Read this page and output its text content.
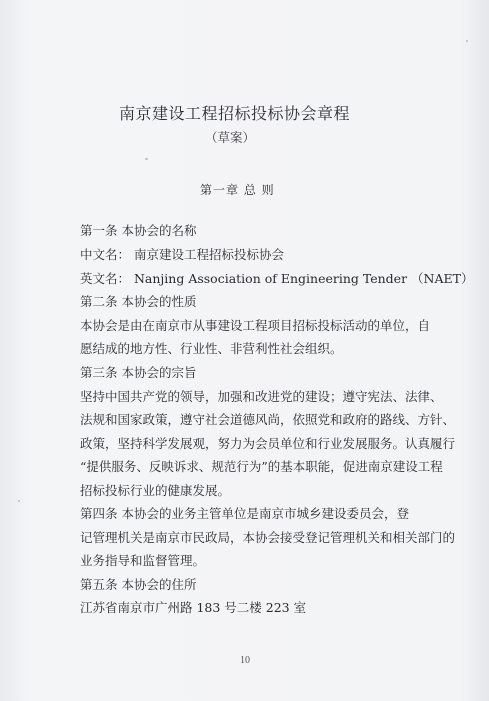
南京建设工程招标投标协会章程
（草案）
第一章 总 则
第一条 本协会的名称
中文名： 南京建设工程招标投标协会
英文名： Nanjing Association of Engineering Tender （NAET）
第二条 本协会的性质
本协会是由在南京市从事建设工程项目招标投标活动的单位，自
愿结成的地方性、行业性、非营利性社会组织。
第三条 本协会的宗旨
坚持中国共产党的领导，加强和改进党的建设；遵守宪法、法律、
法规和国家政策，遵守社会道德风尚，依照党和政府的路线、方针、
政策，坚持科学发展观，努力为会员单位和行业发展服务。认真履行
“提供服务、反映诉求、规范行为”的基本职能，促进南京建设工程
招标投标行业的健康发展。
第四条 本协会的业务主管单位是南京市城乡建设委员会，登
记管理机关是南京市民政局，本协会接受登记管理机关和相关部门的
业务指导和监督管理。
第五条 本协会的住所
江苏省南京市广州路 183 号二楼 223 室
10
